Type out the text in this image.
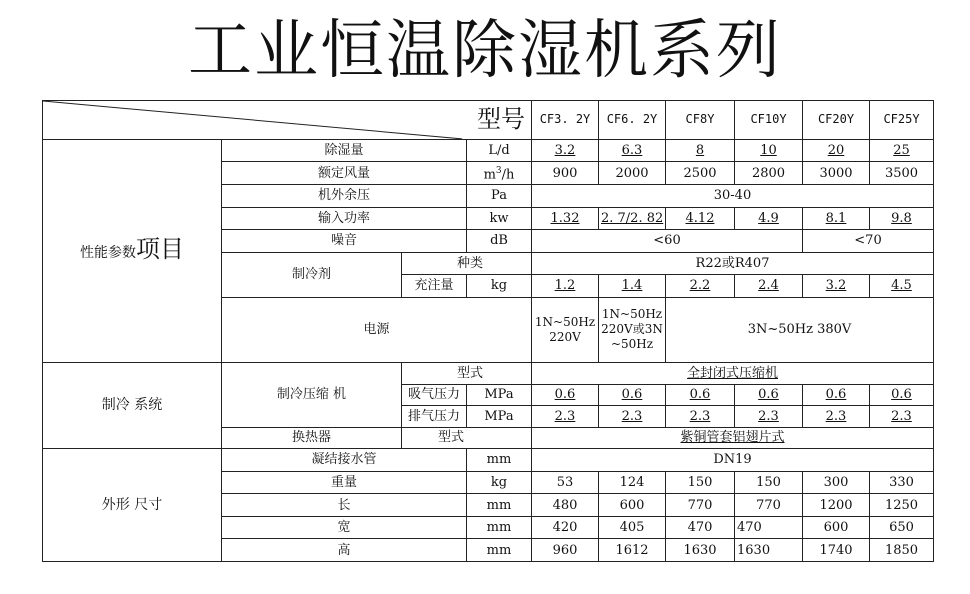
工业恒温除湿机系列
型号				CF3. 2Y	CF6. 2Y	CF8Y	CF10Y	CF20Y	CF25Y
性能参数项目	除湿量		L/d	3.2	6.3	8	10	20	25
	额定风量		$m^3/h$	900	2000	2500	2800	3000	3500
	机外余压		Pa	30-40					
	输入功率		kw	1.32	2. 7/2. 82	4.12	4.9	8.1	9.8
	噪音		dB	<60				<70	
	制冷剂	种类		R22或R407					
		充注量	kg	1.2	1.4	2.2	2.4	3.2	4.5
	电源			1N~50Hz 220V	1N~50Hz 220V或3N ~50Hz	3N~50Hz 380V			
制冷 系统	制冷压缩 机	型式		全封闭式压缩机					
		吸气压力	MPa	0.6	0.6	0.6	0.6	0.6	0.6
		排气压力	MPa	2.3	2.3	2.3	2.3	2.3	2.3
	换热器	型式		紫铜管套铝翅片式					
外形 尺寸	凝结接水管		mm	DN19					
	重量		kg	53	124	150	150	300	330
	长		mm	480	600	770	770	1200	1250
	宽		mm	420	405	470	470	600	650
	高		mm	960	1612	1630	1630	1740	1850
